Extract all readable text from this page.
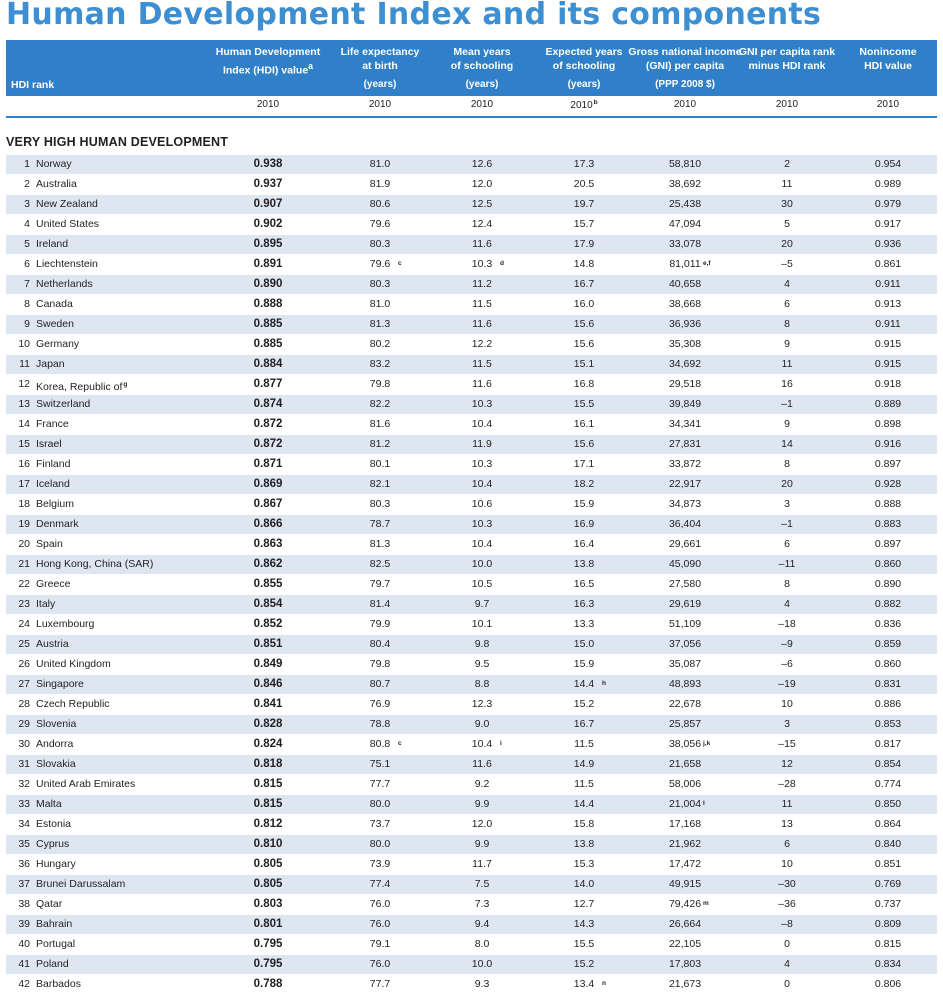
Human Development Index and its components
HDI rank
Human Development
Index (HDI) value$^a$
Life expectancy
at birth
(years)
Mean years
of schooling
(years)
Expected years
of schooling
(years)
Gross national income
(GNI) per capita
(PPP 2008 $)
GNI per capita rank
minus HDI rank
Nonincome
HDI value
2010	2010	2010	2010$^b$	2010	2010	2010
VERY HIGH HUMAN DEVELOPMENT
1 Norway	0.938	81.0	12.6	17.3	58,810	2	0.954
2 Australia	0.937	81.9	12.0	20.5	38,692	11	0.989
3 New Zealand	0.907	80.6	12.5	19.7	25,438	30	0.979
4 United States	0.902	79.6	12.4	15.7	47,094	5	0.917
5 Ireland	0.895	80.3	11.6	17.9	33,078	20	0.936
6 Liechtenstein	0.891	79.6 c	10.3 d	14.8	81,011 e,f	–5	0.861
7 Netherlands	0.890	80.3	11.2	16.7	40,658	4	0.911
8 Canada	0.888	81.0	11.5	16.0	38,668	6	0.913
9 Sweden	0.885	81.3	11.6	15.6	36,936	8	0.911
10 Germany	0.885	80.2	12.2	15.6	35,308	9	0.915
11 Japan	0.884	83.2	11.5	15.1	34,692	11	0.915
12 Korea, Republic $of^g$	0.877	79.8	11.6	16.8	29,518	16	0.918
13 Switzerland	0.874	82.2	10.3	15.5	39,849	–1	0.889
14 France	0.872	81.6	10.4	16.1	34,341	9	0.898
15 Israel	0.872	81.2	11.9	15.6	27,831	14	0.916
16 Finland	0.871	80.1	10.3	17.1	33,872	8	0.897
17 Iceland	0.869	82.1	10.4	18.2	22,917	20	0.928
18 Belgium	0.867	80.3	10.6	15.9	34,873	3	0.888
19 Denmark	0.866	78.7	10.3	16.9	36,404	–1	0.883
20 Spain	0.863	81.3	10.4	16.4	29,661	6	0.897
21 Hong Kong, China (SAR)	0.862	82.5	10.0	13.8	45,090	–11	0.860
22 Greece	0.855	79.7	10.5	16.5	27,580	8	0.890
23 Italy	0.854	81.4	9.7	16.3	29,619	4	0.882
24 Luxembourg	0.852	79.9	10.1	13.3	51,109	–18	0.836
25 Austria	0.851	80.4	9.8	15.0	37,056	–9	0.859
26 United Kingdom	0.849	79.8	9.5	15.9	35,087	–6	0.860
27 Singapore	0.846	80.7	8.8	14.4 h	48,893	–19	0.831
28 Czech Republic	0.841	76.9	12.3	15.2	22,678	10	0.886
29 Slovenia	0.828	78.8	9.0	16.7	25,857	3	0.853
30 Andorra	0.824	80.8 c	10.4 i	11.5	38,056 j,k	–15	0.817
31 Slovakia	0.818	75.1	11.6	14.9	21,658	12	0.854
32 United Arab Emirates	0.815	77.7	9.2	11.5	58,006	–28	0.774
33 Malta	0.815	80.0	9.9	14.4	21,004 l	11	0.850
34 Estonia	0.812	73.7	12.0	15.8	17,168	13	0.864
35 Cyprus	0.810	80.0	9.9	13.8	21,962	6	0.840
36 Hungary	0.805	73.9	11.7	15.3	17,472	10	0.851
37 Brunei Darussalam	0.805	77.4	7.5	14.0	49,915	–30	0.769
38 Qatar	0.803	76.0	7.3	12.7	79,426 m	–36	0.737
39 Bahrain	0.801	76.0	9.4	14.3	26,664	–8	0.809
40 Portugal	0.795	79.1	8.0	15.5	22,105	0	0.815
41 Poland	0.795	76.0	10.0	15.2	17,803	4	0.834
42 Barbados	0.788	77.7	9.3	13.4 n	21,673	0	0.806
